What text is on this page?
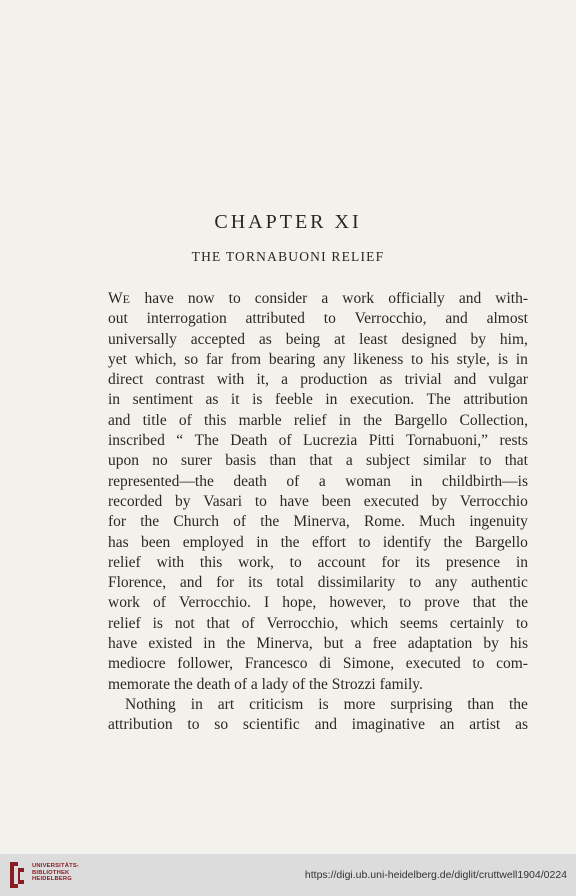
CHAPTER XI
THE TORNABUONI RELIEF
WE have now to consider a work officially and with-
out interrogation attributed to Verrocchio, and almost
universally accepted as being at least designed by him,
yet which, so far from bearing any likeness to his style, is in
direct contrast with it, a production as trivial and vulgar
in sentiment as it is feeble in execution. The attribution
and title of this marble relief in the Bargello Collection,
inscribed “ The Death of Lucrezia Pitti Tornabuoni,” rests
upon no surer basis than that a subject similar to that
represented—the death of a woman in childbirth—is
recorded by Vasari to have been executed by Verrocchio
for the Church of the Minerva, Rome. Much ingenuity
has been employed in the effort to identify the Bargello
relief with this work, to account for its presence in
Florence, and for its total dissimilarity to any authentic
work of Verrocchio. I hope, however, to prove that the
relief is not that of Verrocchio, which seems certainly to
have existed in the Minerva, but a free adaptation by his
mediocre follower, Francesco di Simone, executed to com-
memorate the death of a lady of the Strozzi family.
Nothing in art criticism is more surprising than the
attribution to so scientific and imaginative an artist as
UNIVERSITÄTS-
BIBLIOTHEK
HEIDELBERG	https://digi.ub.uni-heidelberg.de/diglit/cruttwell1904/0224
